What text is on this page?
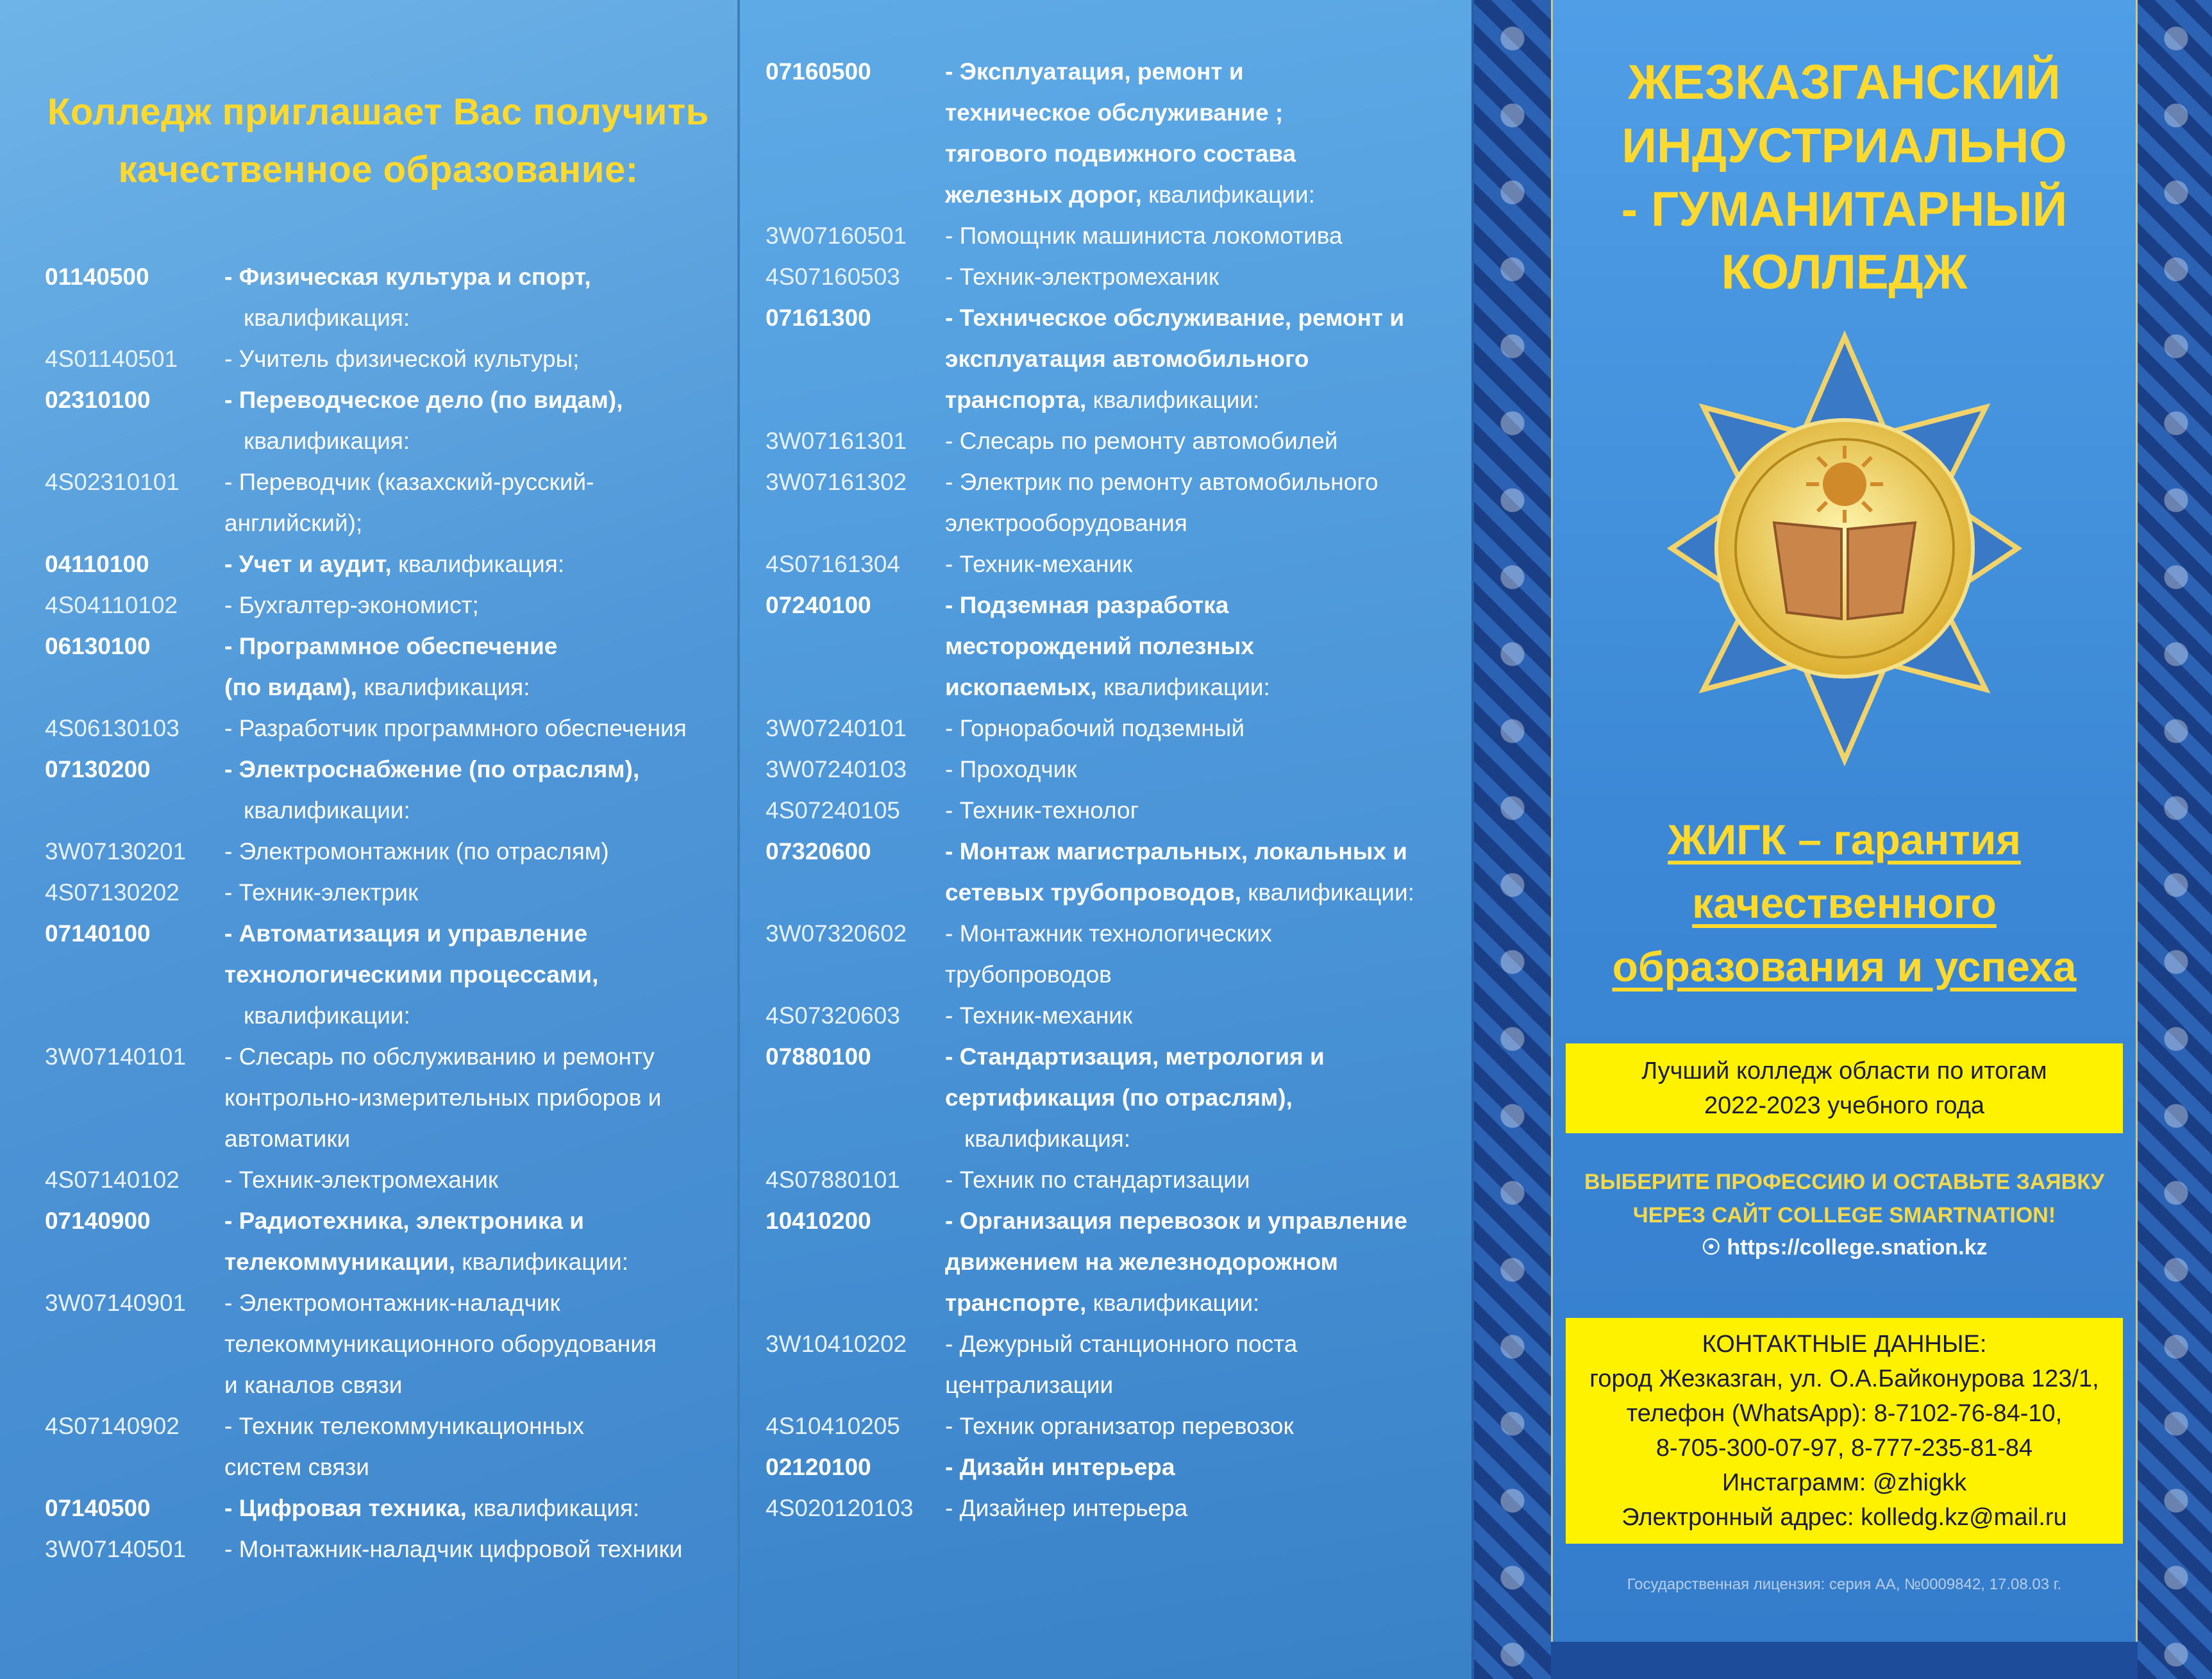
Колледж приглашает Вас получить
качественное образование:
01140500	- Физическая культура и спорт,
квалификация:
4S01140501	- Учитель физической культуры;
02310100	- Переводческое дело (по видам),
квалификация:
4S02310101	- Переводчик (казахский-русский-английский);
04110100	- Учет и аудит, квалификация:
4S04110102	- Бухгалтер-экономист;
06130100	- Программное обеспечение
(по видам), квалификация:
4S06130103	- Разработчик программного обеспечения
07130200	- Электроснабжение (по отраслям),
квалификации:
3W07130201	- Электромонтажник (по отраслям)
4S07130202	- Техник-электрик
07140100	- Автоматизация и управление
технологическими процессами,
квалификации:
3W07140101	- Слесарь по обслуживанию и ремонту
контрольно-измерительных приборов и
автоматики
4S07140102	- Техник-электромеханик
07140900	- Радиотехника, электроника и
телекоммуникации, квалификации:
3W07140901	- Электромонтажник-наладчик
телекоммуникационного оборудования
и каналов связи
4S07140902	- Техник телекоммуникационных
систем связи
07140500	- Цифровая техника, квалификация:
3W07140501	- Монтажник-наладчик цифровой техники
07160500	- Эксплуатация, ремонт и
техническое обслуживание ;
тягового подвижного состава
железных дорог, квалификации:
3W07160501	- Помощник машиниста локомотива
4S07160503	- Техник-электромеханик
07161300	- Техническое обслуживание, ремонт и
эксплуатация автомобильного
транспорта, квалификации:
3W07161301	- Слесарь по ремонту автомобилей
3W07161302	- Электрик по ремонту автомобильного
электрооборудования
4S07161304	- Техник-механик
07240100	- Подземная разработка
месторождений полезных
ископаемых, квалификации:
3W07240101	- Горнорабочий подземный
3W07240103	- Проходчик
4S07240105	- Техник-технолог
07320600	- Монтаж магистральных, локальных и
сетевых трубопроводов, квалификации:
3W07320602	- Монтажник технологических
трубопроводов
4S07320603	- Техник-механик
07880100	- Стандартизация, метрология и
сертификация (по отраслям),
квалификация:
4S07880101	- Техник по стандартизации
10410200	- Организация перевозок и управление
движением на железнодорожном
транспорте, квалификации:
3W10410202	- Дежурный станционного поста
централизации
4S10410205	- Техник организатор перевозок
02120100	- Дизайн интерьера
4S020120103	- Дизайнер интерьера
ЖЕЗКАЗГАНСКИЙ
ИНДУСТРИАЛЬНО
- ГУМАНИТАРНЫЙ
КОЛЛЕДЖ
ЖИГК – гарантия
качественного
образования и успеха
Лучший колледж области по итогам
2022-2023 учебного года
ВЫБЕРИТЕ ПРОФЕССИЮ И ОСТАВЬТЕ ЗАЯВКУ
ЧЕРЕЗ САЙТ COLLEGE SMARTNATION!
☉ https://college.snation.kz
КОНТАКТНЫЕ ДАННЫЕ:
город Жезказган, ул. О.А.Байконурова 123/1,
телефон (WhatsApp): 8-7102-76-84-10,
8-705-300-07-97, 8-777-235-81-84
Инстаграмм: @zhigkk
Электронный адрес: kolledg.kz@mail.ru
Государственная лицензия: серия АА, №0009842, 17.08.03 г.
